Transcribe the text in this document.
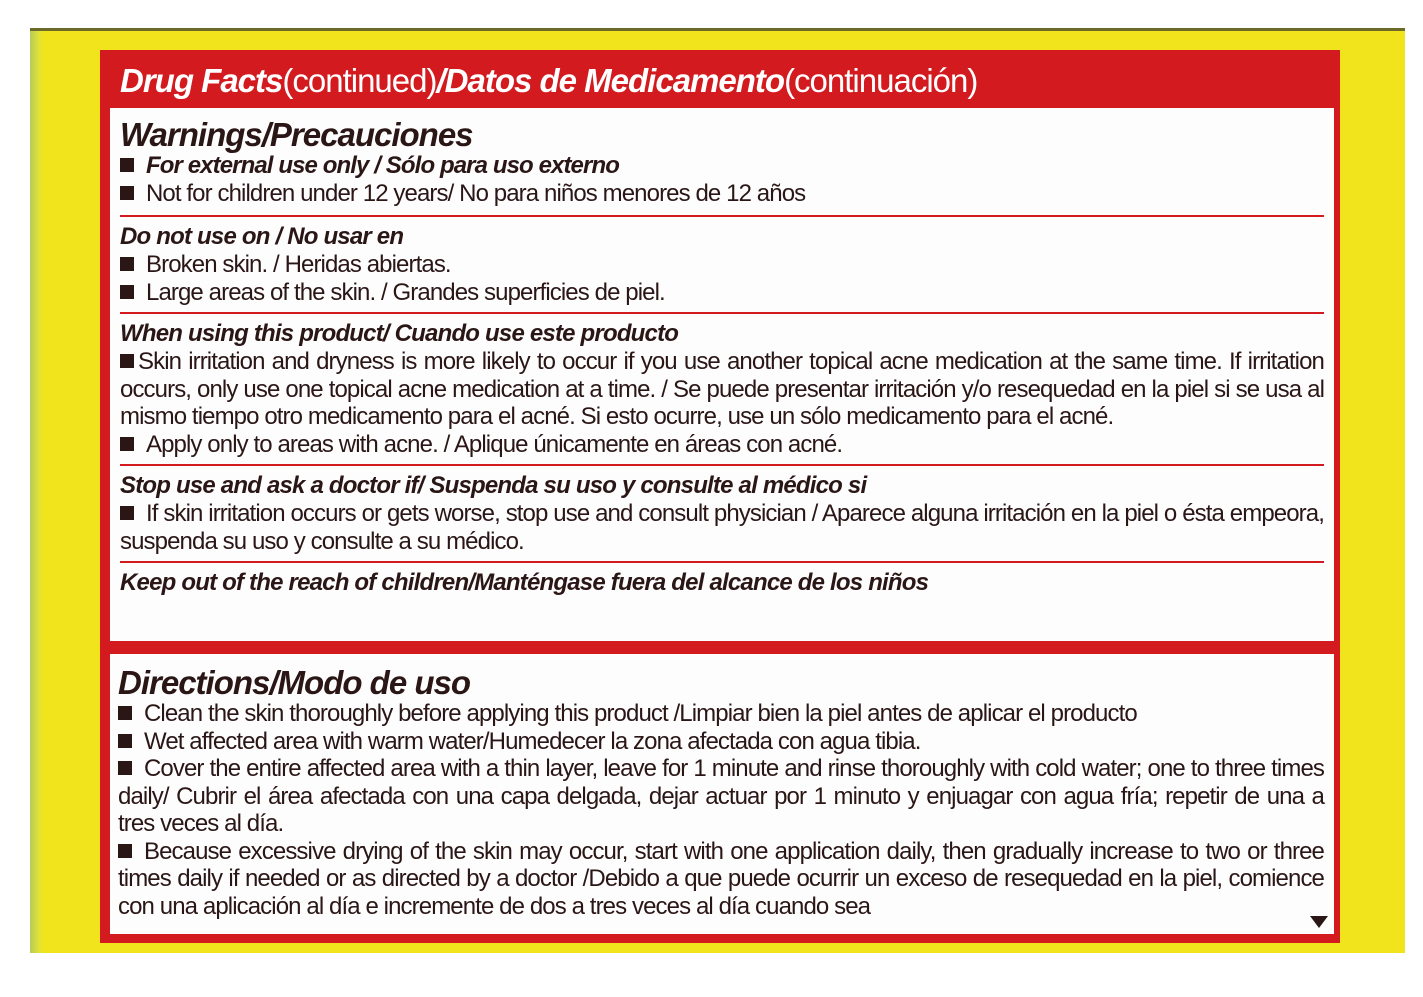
Drug Facts (continued) /Datos de Medicamento (continuación)
Warnings/Precauciones
For external use only / Sólo para uso externo
Not for children under 12 years/ No para niños menores de 12 años
Do not use on / No usar en
Broken skin. / Heridas abiertas.
Large areas of the skin. / Grandes superficies de piel.
When using this product/ Cuando use este producto
Skin irritation and dryness is more likely to occur if you use another topical acne medication at the same time. If irritation occurs, only use one topical acne medication at a time. / Se puede presentar irritación y/o resequedad en la piel si se usa al mismo tiempo otro medicamento para el acné. Si esto ocurre, use un sólo medicamento para el acné.
Apply only to areas with acne. / Aplique únicamente en áreas con acné.
Stop use and ask a doctor if/ Suspenda su uso y consulte al médico si
If skin irritation occurs or gets worse, stop use and consult physician / Aparece alguna irritación en la piel o ésta empeora, suspenda su uso y consulte a su médico.
Keep out of the reach of children/Manténgase fuera del alcance de los niños
Directions/Modo de uso
Clean the skin thoroughly before applying this product /Limpiar bien la piel antes de aplicar el producto
Wet affected area with warm water/Humedecer la zona afectada con agua tibia.
Cover the entire affected area with a thin layer, leave for 1 minute and rinse thoroughly with cold water; one to three times daily/ Cubrir el área afectada con una capa delgada, dejar actuar por 1 minuto y enjuagar con agua fría; repetir de una a tres veces al día.
Because excessive drying of the skin may occur, start with one application daily, then gradually increase to two or three times daily if needed or as directed by a doctor /Debido a que puede ocurrir un exceso de resequedad en la piel, comience con una aplicación al día e incremente de dos a tres veces al día cuando sea
